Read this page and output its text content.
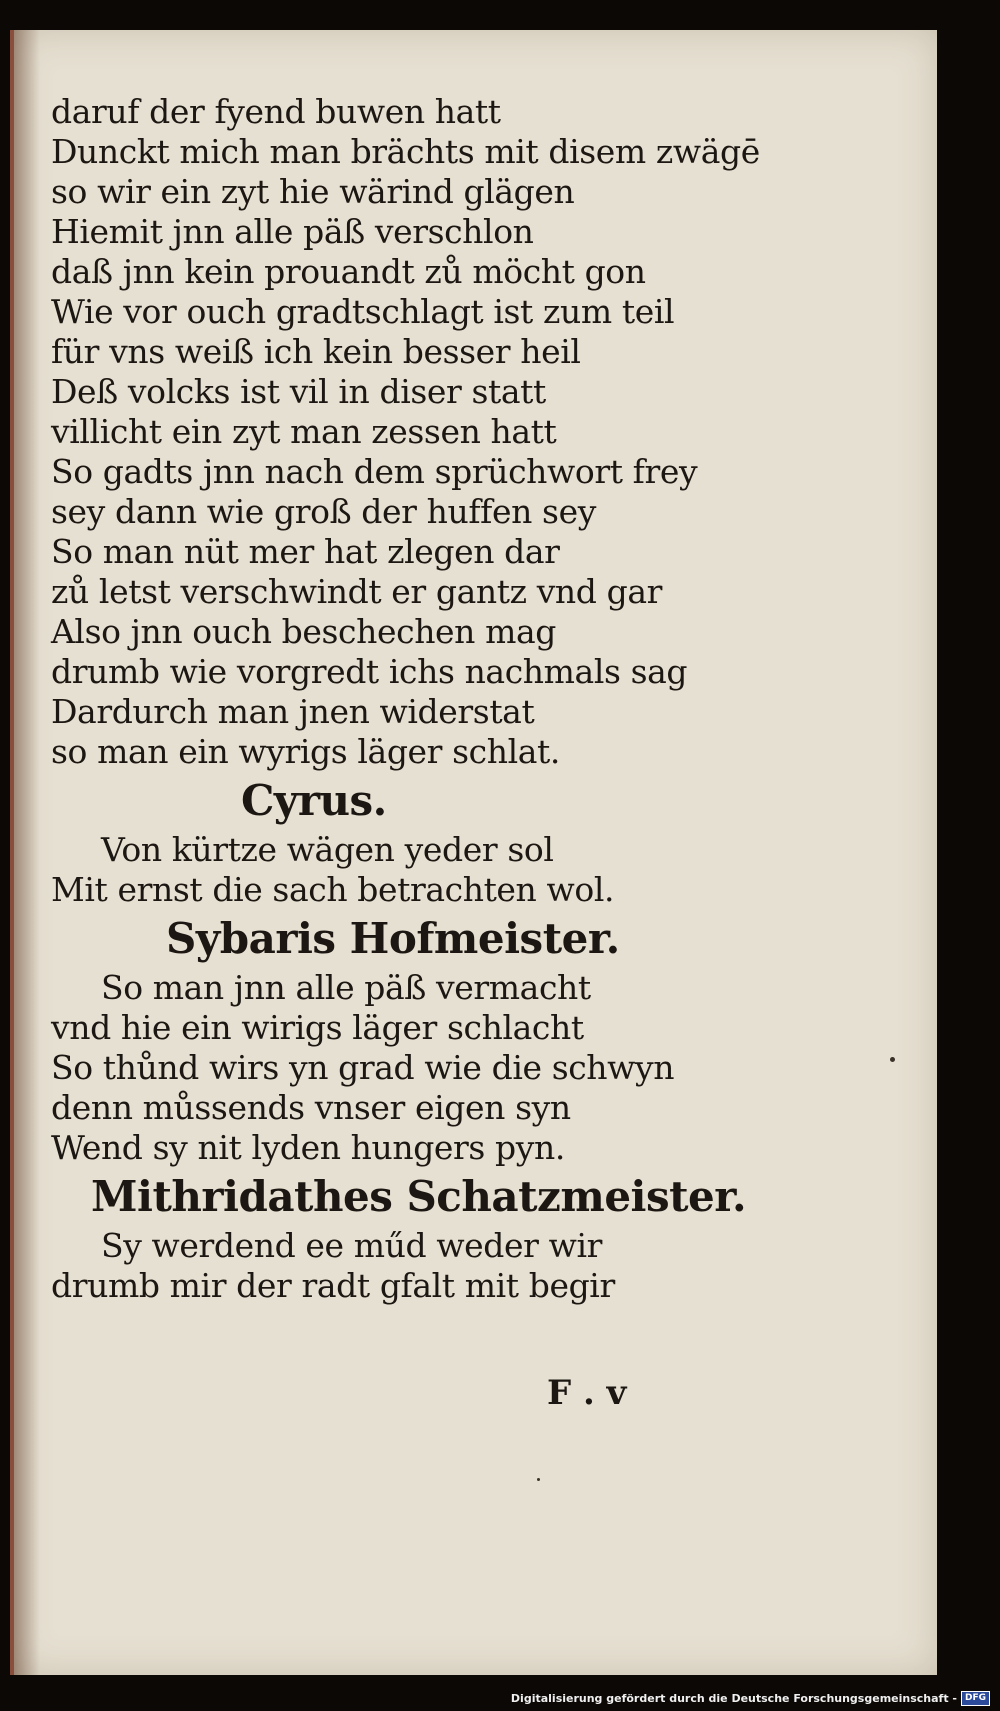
daruf der fyend buwen hatt
Dunckt mich man brächts mit disem zwägē
so wir ein zyt hie wärind glägen
Hiemit jnn alle päß verschlon
daß jnn kein prouandt zů möcht gon
Wie vor ouch gradtschlagt ist zum teil
für vns weiß ich kein besser heil
Deß volcks ist vil in diser statt
villicht ein zyt man zessen hatt
So gadts jnn nach dem sprüchwort frey
sey dann wie groß der huffen sey
So man nüt mer hat zlegen dar
zů letst verschwindt er gantz vnd gar
Also jnn ouch beschechen mag
drumb wie vorgredt ichs nachmals sag
Dardurch man jnen widerstat
so man ein wyrigs läger schlat.
Cyrus.
Von kürtze wägen yeder sol
Mit ernst die sach betrachten wol.
Sybaris Hofmeister.
So man jnn alle päß vermacht
vnd hie ein wirigs läger schlacht
So thůnd wirs yn grad wie die schwyn
denn můssends vnser eigen syn
Wend sy nit lyden hungers pyn.
Mithridathes Schatzmeister.
Sy werdend ee műd weder wir
drumb mir der radt gfalt mit begir
F . v
Digitalisierung gefördert durch die Deutsche Forschungsgemeinschaft - DFG
